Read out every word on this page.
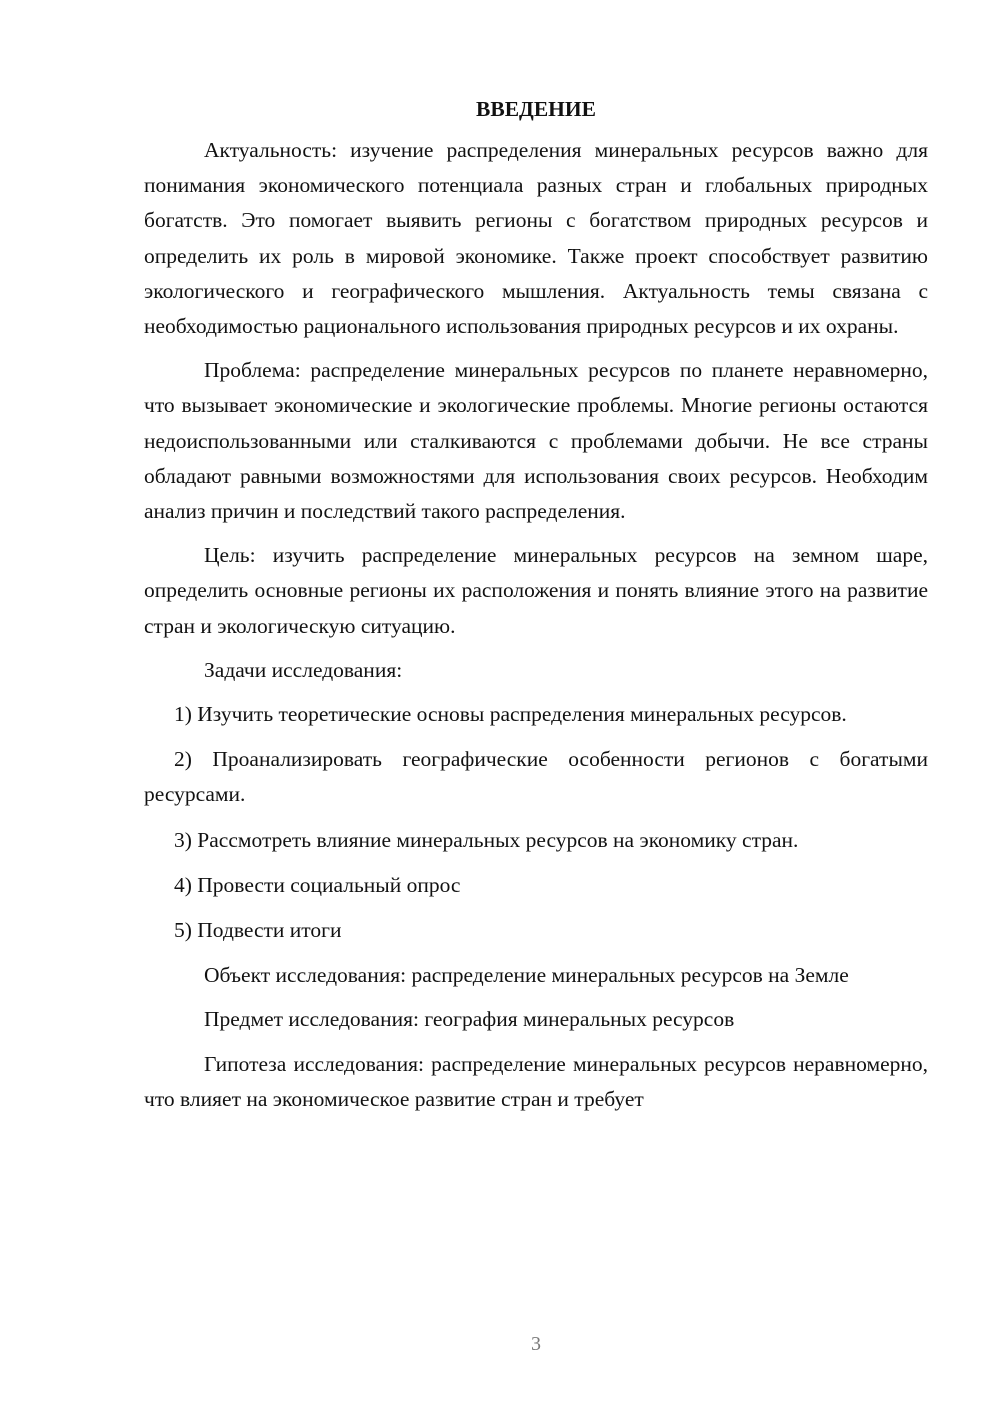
ВВЕДЕНИЕ

Актуальность: изучение распределения минеральных ресурсов важно для понимания экономического потенциала разных стран и глобальных природных богатств. Это помогает выявить регионы с богатством природных ресурсов и определить их роль в мировой экономике. Также проект способствует развитию экологического и географического мышления. Актуальность темы связана с необходимостью рационального использования природных ресурсов и их охраны.

Проблема: распределение минеральных ресурсов по планете неравномерно, что вызывает экономические и экологические проблемы. Многие регионы остаются недоиспользованными или сталкиваются с проблемами добычи. Не все страны обладают равными возможностями для использования своих ресурсов. Необходим анализ причин и последствий такого распределения.

Цель: изучить распределение минеральных ресурсов на земном шаре, определить основные регионы их расположения и понять влияние этого на развитие стран и экологическую ситуацию.

Задачи исследования:

1) Изучить теоретические основы распределения минеральных ресурсов.

2) Проанализировать географические особенности регионов с богатыми ресурсами.

3) Рассмотреть влияние минеральных ресурсов на экономику стран.

4) Провести социальный опрос

5) Подвести итоги

Объект исследования: распределение минеральных ресурсов на Земле

Предмет исследования: география минеральных ресурсов

Гипотеза исследования: распределение минеральных ресурсов неравномерно, что влияет на экономическое развитие стран и требует

3
